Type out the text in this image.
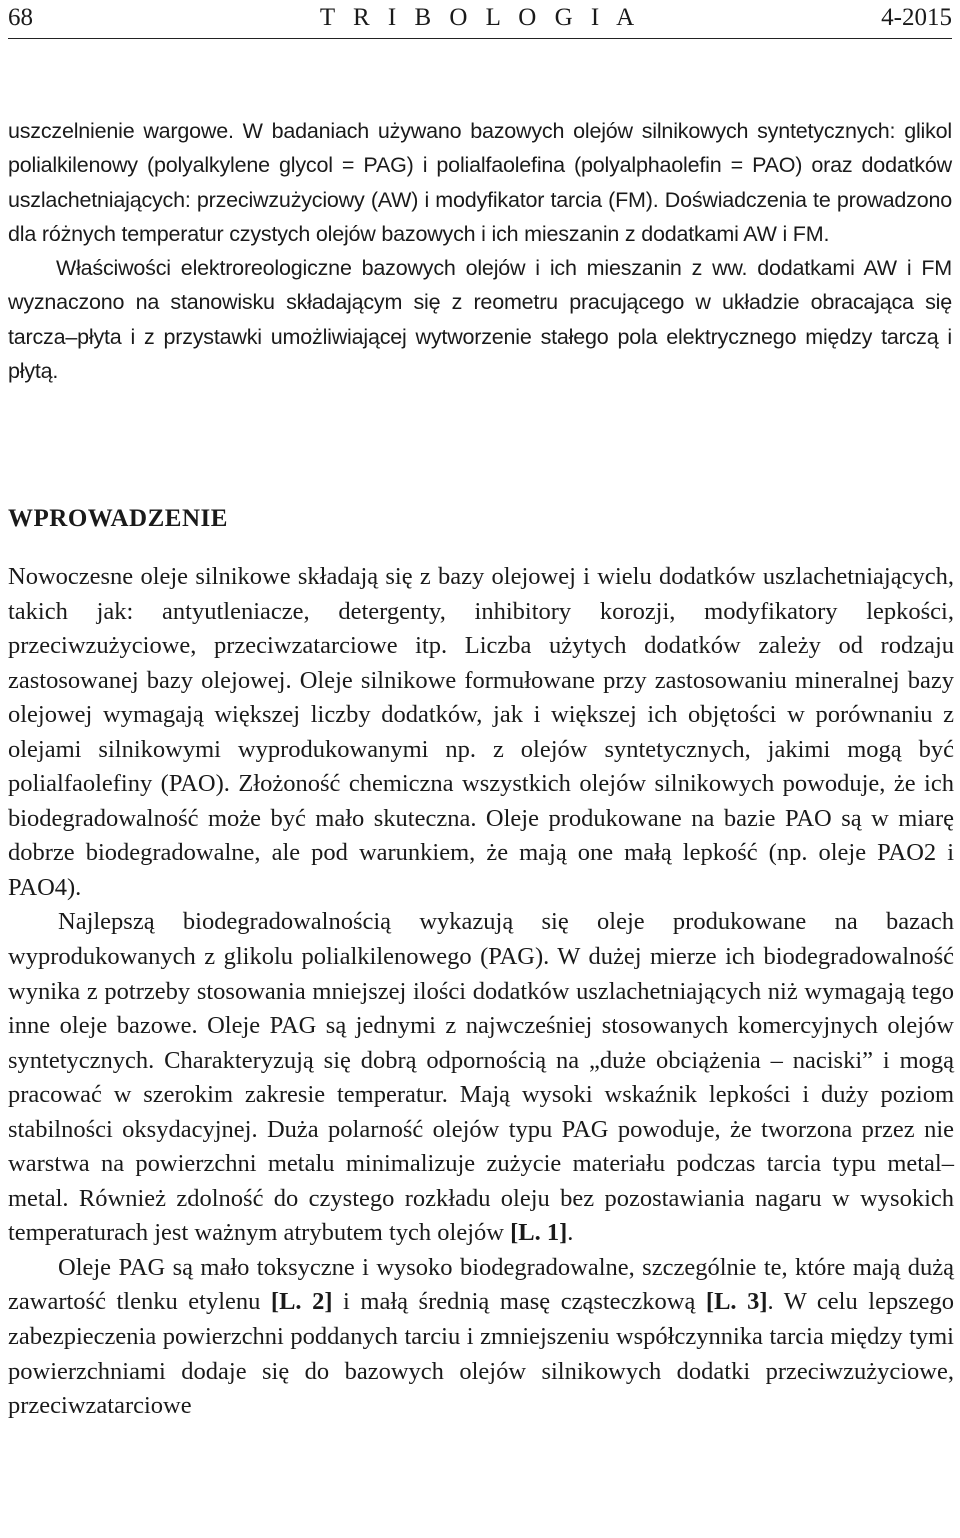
68	T R I B O L O G I A	4-2015

uszczelnienie wargowe. W badaniach używano bazowych olejów silnikowych syntetycznych: glikol polialkilenowy (polyalkylene glycol = PAG) i polialfaolefina (polyalphaolefin = PAO) oraz dodatków uszlachetniających: przeciwzużyciowy (AW) i modyfikator tarcia (FM). Doświadczenia te prowadzono dla różnych temperatur czystych olejów bazowych i ich mieszanin z dodatkami AW i FM.

Właściwości elektroreologiczne bazowych olejów i ich mieszanin z ww. dodatkami AW i FM wyznaczono na stanowisku składającym się z reometru pracującego w układzie obracająca się tarcza–płyta i z przystawki umożliwiającej wytworzenie stałego pola elektrycznego między tarczą i płytą.

WPROWADZENIE

Nowoczesne oleje silnikowe składają się z bazy olejowej i wielu dodatków uszlachetniających, takich jak: antyutleniacze, detergenty, inhibitory korozji, modyfikatory lepkości, przeciwzużyciowe, przeciwzatarciowe itp. Liczba użytych dodatków zależy od rodzaju zastosowanej bazy olejowej. Oleje silnikowe formułowane przy zastosowaniu mineralnej bazy olejowej wymagają większej liczby dodatków, jak i większej ich objętości w porównaniu z olejami silnikowymi wyprodukowanymi np. z olejów syntetycznych, jakimi mogą być polialfaolefiny (PAO). Złożoność chemiczna wszystkich olejów silnikowych powoduje, że ich biodegradowalność może być mało skuteczna. Oleje produkowane na bazie PAO są w miarę dobrze biodegradowalne, ale pod warunkiem, że mają one małą lepkość (np. oleje PAO2 i PAO4).

Najlepszą biodegradowalnością wykazują się oleje produkowane na bazach wyprodukowanych z glikolu polialkilenowego (PAG). W dużej mierze ich biodegradowalność wynika z potrzeby stosowania mniejszej ilości dodatków uszlachetniających niż wymagają tego inne oleje bazowe. Oleje PAG są jednymi z najwcześniej stosowanych komercyjnych olejów syntetycznych. Charakteryzują się dobrą odpornością na „duże obciążenia – naciski” i mogą pracować w szerokim zakresie temperatur. Mają wysoki wskaźnik lepkości i duży poziom stabilności oksydacyjnej. Duża polarność olejów typu PAG powoduje, że tworzona przez nie warstwa na powierzchni metalu minimalizuje zużycie materiału podczas tarcia typu metal–metal. Również zdolność do czystego rozkładu oleju bez pozostawiania nagaru w wysokich temperaturach jest ważnym atrybutem tych olejów [L. 1].

Oleje PAG są mało toksyczne i wysoko biodegradowalne, szczególnie te, które mają dużą zawartość tlenku etylenu [L. 2] i małą średnią masę cząsteczkową [L. 3]. W celu lepszego zabezpieczenia powierzchni poddanych tarciu i zmniejszeniu współczynnika tarcia między tymi powierzchniami dodaje się do bazowych olejów silnikowych dodatki przeciwzużyciowe, przeciwzatarciowe
